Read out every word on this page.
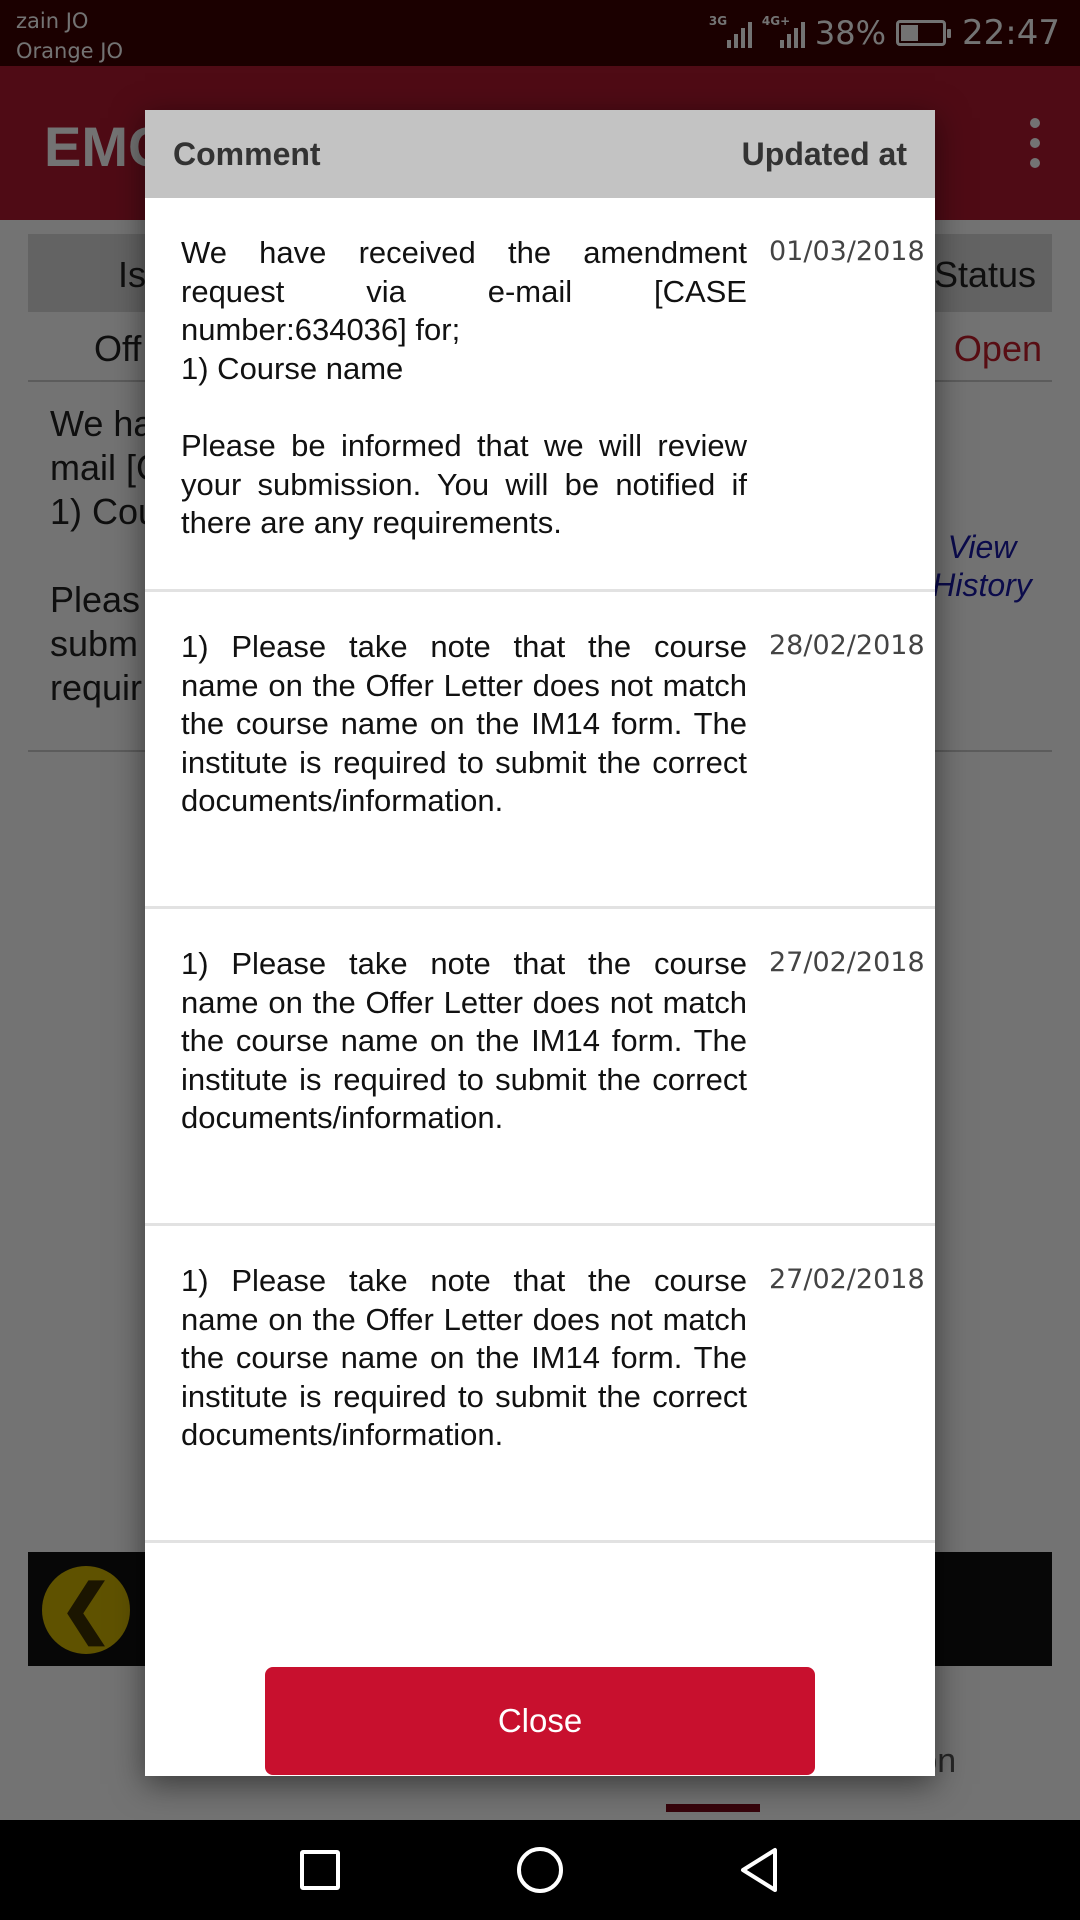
Comment	Updated at
We have received the amendment request via e-mail [CASE number:634036] for;
1) Course name

Please be informed that we will review your submission. You will be notified if there are any requirements.
01/03/2018
1) Please take note that the course name on the Offer Letter does not match the course name on the IM14 form. The institute is required to submit the correct documents/information.
28/02/2018
1) Please take note that the course name on the Offer Letter does not match the course name on the IM14 form. The institute is required to submit the correct documents/information.
27/02/2018
1) Please take note that the course name on the Offer Letter does not match the course name on the IM14 form. The institute is required to submit the correct documents/information.
27/02/2018
Close
